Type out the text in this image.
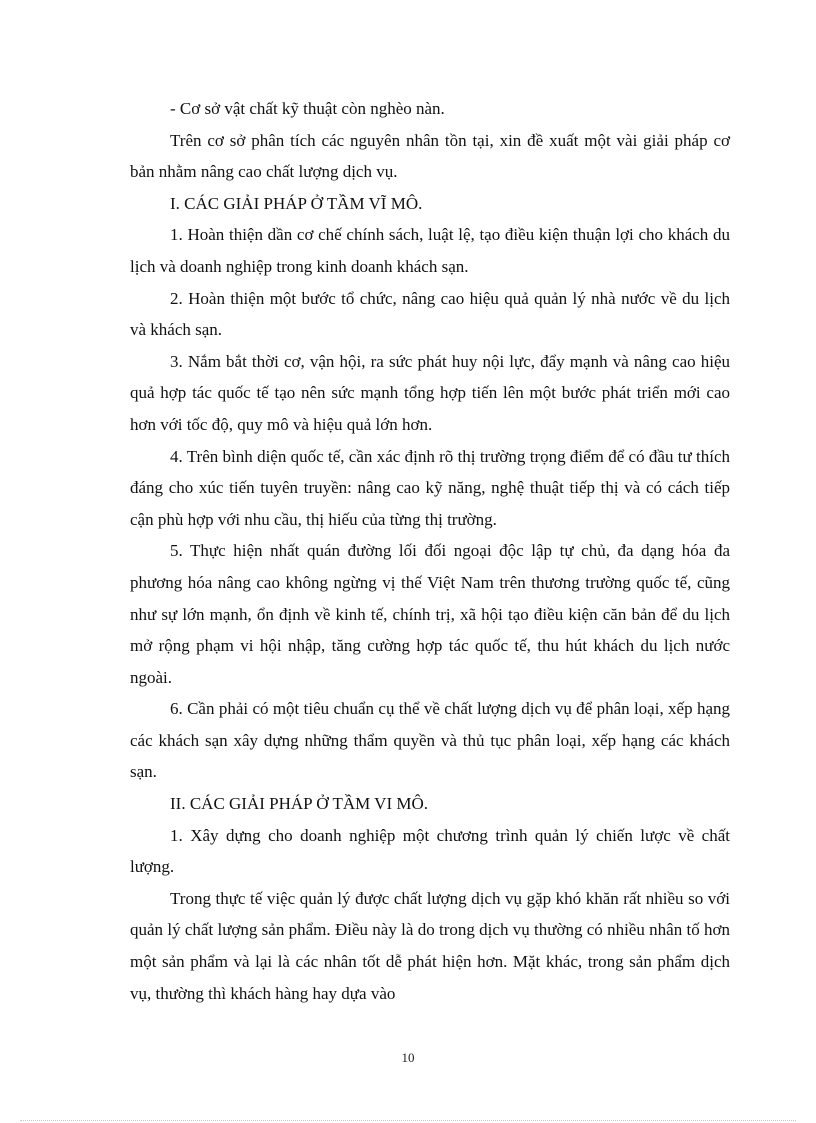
- Cơ sở vật chất kỹ thuật còn nghèo nàn.

Trên cơ sở phân tích các nguyên nhân tồn tại, xin đề xuất một vài giải pháp cơ bản nhằm nâng cao chất lượng dịch vụ.

I. CÁC GIẢI PHÁP Ở TẦM VĨ MÔ.

1. Hoàn thiện dần cơ chế chính sách, luật lệ, tạo điều kiện thuận lợi cho khách du lịch và doanh nghiệp trong kinh doanh khách sạn.

2. Hoàn thiện một bước tổ chức, nâng cao hiệu quả quản lý nhà nước về du lịch và khách sạn.

3. Nắm bắt thời cơ, vận hội, ra sức phát huy nội lực, đẩy mạnh và nâng cao hiệu quả hợp tác quốc tế tạo nên sức mạnh tổng hợp tiến lên một bước phát triển mới cao hơn với tốc độ, quy mô và hiệu quả lớn hơn.

4. Trên bình diện quốc tế, cần xác định rõ thị trường trọng điểm để có đầu tư thích đáng cho xúc tiến tuyên truyền: nâng cao kỹ năng, nghệ thuật tiếp thị và có cách tiếp cận phù hợp với nhu cầu, thị hiếu của từng thị trường.

5. Thực hiện nhất quán đường lối đối ngoại độc lập tự chủ, đa dạng hóa đa phương hóa nâng cao không ngừng vị thế Việt Nam trên thương trường quốc tế, cũng như sự lớn mạnh, ổn định về kinh tế, chính trị, xã hội tạo điều kiện căn bản để du lịch mở rộng phạm vi hội nhập, tăng cường hợp tác quốc tế, thu hút khách du lịch nước ngoài.

6. Cần phải có một tiêu chuẩn cụ thể về chất lượng dịch vụ để phân loại, xếp hạng các khách sạn xây dựng những thẩm quyền và thủ tục phân loại, xếp hạng các khách sạn.

II. CÁC GIẢI PHÁP Ở TẦM VI MÔ.

1. Xây dựng cho doanh nghiệp một chương trình quản lý chiến lược về chất lượng.

Trong thực tế việc quản lý được chất lượng dịch vụ gặp khó khăn rất nhiều so với quản lý chất lượng sản phẩm. Điều này là do trong dịch vụ thường có nhiều nhân tố hơn một sản phẩm và lại là các nhân tốt dễ phát hiện hơn. Mặt khác, trong sản phẩm dịch vụ, thường thì khách hàng hay dựa vào

10
